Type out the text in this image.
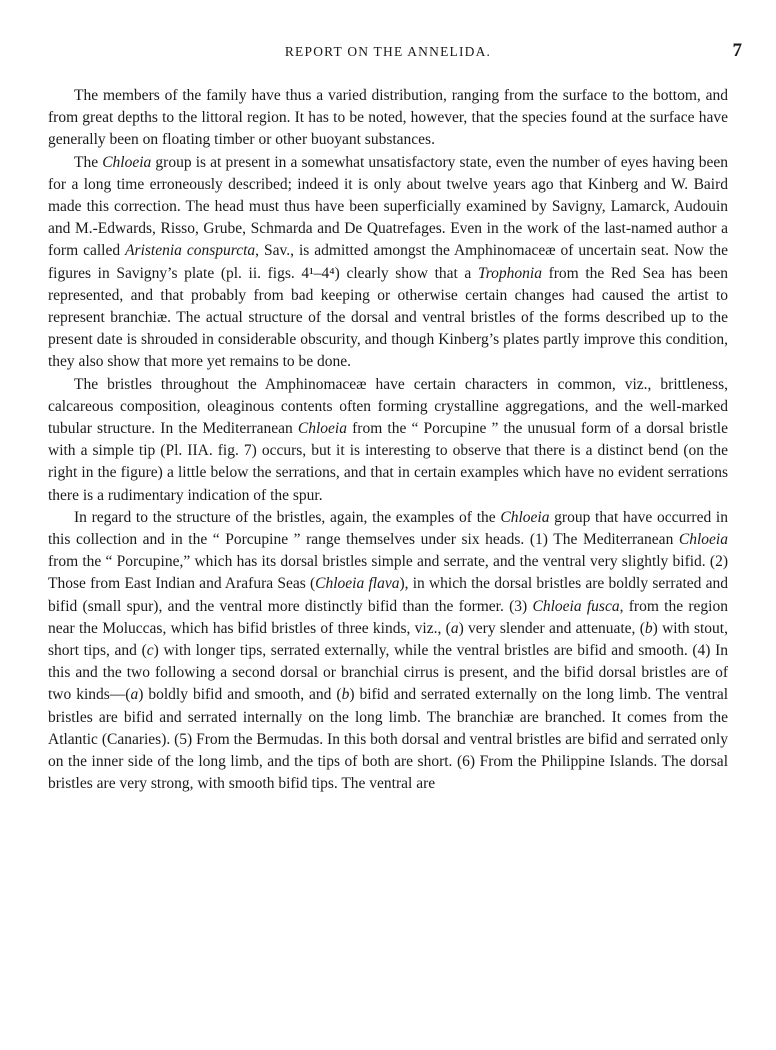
REPORT ON THE ANNELIDA.	7

The members of the family have thus a varied distribution, ranging from the surface to the bottom, and from great depths to the littoral region. It has to be noted, however, that the species found at the surface have generally been on floating timber or other buoyant substances.

The Chloeia group is at present in a somewhat unsatisfactory state, even the number of eyes having been for a long time erroneously described; indeed it is only about twelve years ago that Kinberg and W. Baird made this correction. The head must thus have been superficially examined by Savigny, Lamarck, Audouin and M.-Edwards, Risso, Grube, Schmarda and De Quatrefages. Even in the work of the last-named author a form called Aristenia conspurcta, Sav., is admitted amongst the Amphinomaceæ of uncertain seat. Now the figures in Savigny’s plate (pl. ii. figs. 4¹–4⁴) clearly show that a Trophonia from the Red Sea has been represented, and that probably from bad keeping or otherwise certain changes had caused the artist to represent branchiæ. The actual structure of the dorsal and ventral bristles of the forms described up to the present date is shrouded in considerable obscurity, and though Kinberg’s plates partly improve this condition, they also show that more yet remains to be done.

The bristles throughout the Amphinomaceæ have certain characters in common, viz., brittleness, calcareous composition, oleaginous contents often forming crystalline aggregations, and the well-marked tubular structure. In the Mediterranean Chloeia from the “ Porcupine ” the unusual form of a dorsal bristle with a simple tip (Pl. IIA. fig. 7) occurs, but it is interesting to observe that there is a distinct bend (on the right in the figure) a little below the serrations, and that in certain examples which have no evident serrations there is a rudimentary indication of the spur.

In regard to the structure of the bristles, again, the examples of the Chloeia group that have occurred in this collection and in the “ Porcupine ” range themselves under six heads. (1) The Mediterranean Chloeia from the “ Porcupine,” which has its dorsal bristles simple and serrate, and the ventral very slightly bifid. (2) Those from East Indian and Arafura Seas (Chloeia flava), in which the dorsal bristles are boldly serrated and bifid (small spur), and the ventral more distinctly bifid than the former. (3) Chloeia fusca, from the region near the Moluccas, which has bifid bristles of three kinds, viz., (a) very slender and attenuate, (b) with stout, short tips, and (c) with longer tips, serrated externally, while the ventral bristles are bifid and smooth. (4) In this and the two following a second dorsal or branchial cirrus is present, and the bifid dorsal bristles are of two kinds—(a) boldly bifid and smooth, and (b) bifid and serrated externally on the long limb. The ventral bristles are bifid and serrated internally on the long limb. The branchiæ are branched. It comes from the Atlantic (Canaries). (5) From the Bermudas. In this both dorsal and ventral bristles are bifid and serrated only on the inner side of the long limb, and the tips of both are short. (6) From the Philippine Islands. The dorsal bristles are very strong, with smooth bifid tips. The ventral are
